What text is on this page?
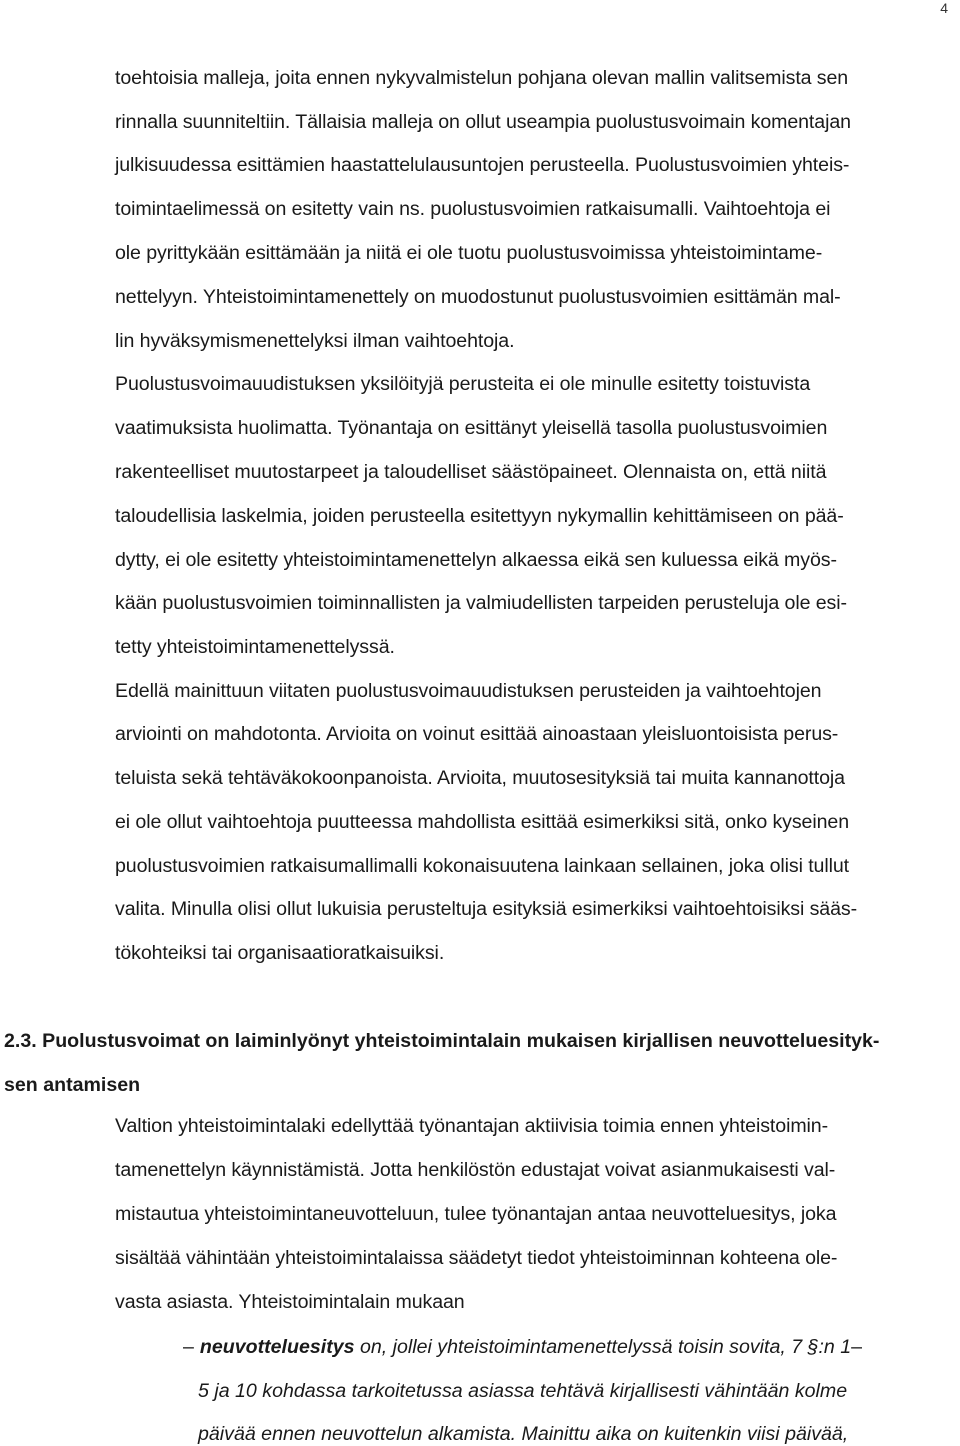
4
toehtoisia malleja, joita ennen nykyvalmistelun pohjana olevan mallin valitsemista sen
rinnalla suunniteltiin. Tällaisia malleja on ollut useampia puolustusvoimain komentajan
julkisuudessa esittämien haastattelulausuntojen perusteella. Puolustusvoimien yhteis-
toimintaelimessä on esitetty vain ns. puolustusvoimien ratkaisumalli. Vaihtoehtoja ei
ole pyrittykään esittämään ja niitä ei ole tuotu puolustusvoimissa yhteistoimintame-
nettelyyn. Yhteistoimintamenettely on muodostunut puolustusvoimien esittämän mal-
lin hyväksymismenettelyksi ilman vaihtoehtoja.
Puolustusvoimauudistuksen yksilöityjä perusteita ei ole minulle esitetty toistuvista
vaatimuksista huolimatta. Työnantaja on esittänyt yleisellä tasolla puolustusvoimien
rakenteelliset muutostarpeet ja taloudelliset säästöpaineet. Olennaista on, että niitä
taloudellisia laskelmia, joiden perusteella esitettyyn nykymallin kehittämiseen on pää-
dytty, ei ole esitetty yhteistoimintamenettelyn alkaessa eikä sen kuluessa eikä myös-
kään puolustusvoimien toiminnallisten ja valmiudellisten tarpeiden perusteluja ole esi-
tetty yhteistoimintamenettelyssä.
Edellä mainittuun viitaten puolustusvoimauudistuksen perusteiden ja vaihtoehtojen
arviointi on mahdotonta. Arvioita on voinut esittää ainoastaan yleisluontoisista perus-
teluista sekä tehtäväkokoonpanoista. Arvioita, muutosesityksiä tai muita kannanottoja
ei ole ollut vaihtoehtoja puutteessa mahdollista esittää esimerkiksi sitä, onko kyseinen
puolustusvoimien ratkaisumallimalli kokonaisuutena lainkaan sellainen, joka olisi tullut
valita. Minulla olisi ollut lukuisia perusteltuja esityksiä esimerkiksi vaihtoehtoisiksi sääs-
tökohteiksi tai organisaatioratkaisuiksi.
2.3. Puolustusvoimat on laiminlyönyt yhteistoimintalain mukaisen kirjallisen neuvotteluesityk-
sen antamisen
Valtion yhteistoimintalaki edellyttää työnantajan aktiivisia toimia ennen yhteistoimin-
tamenettelyn käynnistämistä. Jotta henkilöstön edustajat voivat asianmukaisesti val-
mistautua yhteistoimintaneuvotteluun, tulee työnantajan antaa neuvotteluesitys, joka
sisältää vähintään yhteistoimintalaissa säädetyt tiedot yhteistoiminnan kohteena ole-
vasta asiasta. Yhteistoimintalain mukaan
– neuvotteluesitys on, jollei yhteistoimintamenettelyssä toisin sovita, 7 §:n 1–
5 ja 10 kohdassa tarkoitetussa asiassa tehtävä kirjallisesti vähintään kolme
päivää ennen neuvottelun alkamista. Mainittu aika on kuitenkin viisi päivää,
